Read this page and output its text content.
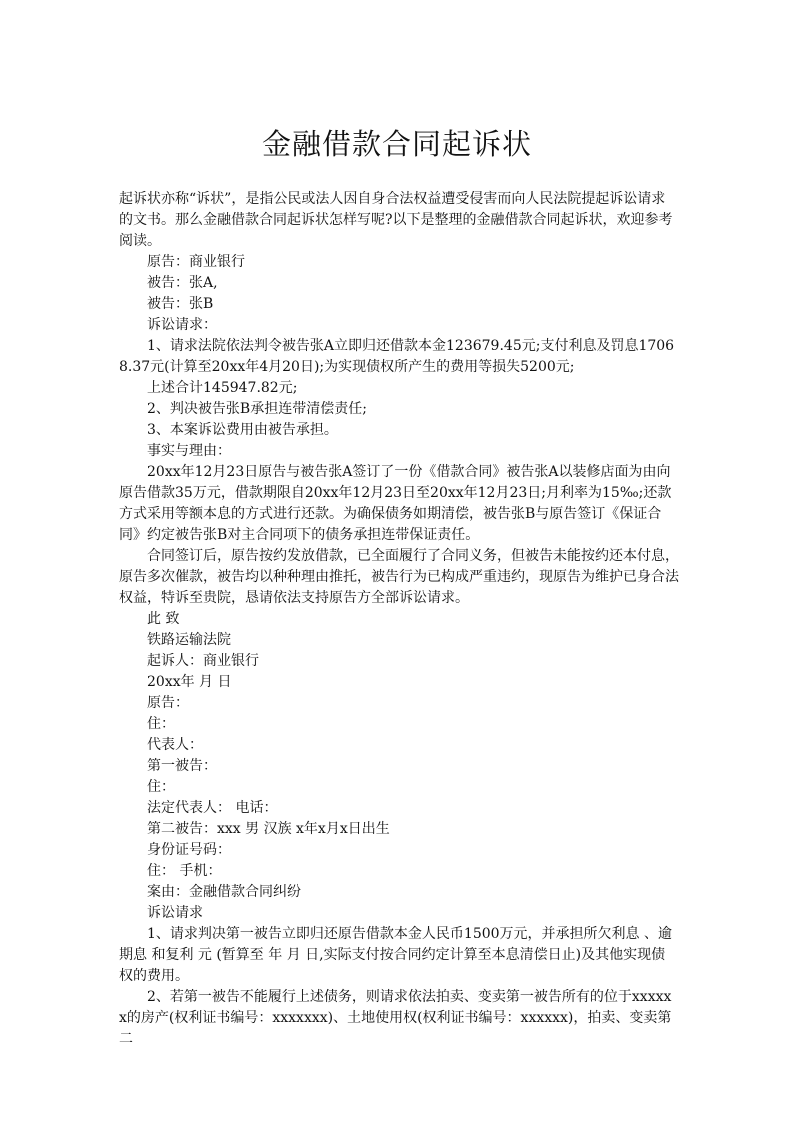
金融借款合同起诉状

起诉状亦称“诉状”，是指公民或法人因自身合法权益遭受侵害而向人民法院提起诉讼请求的文书。那么金融借款合同起诉状怎样写呢?以下是整理的金融借款合同起诉状，欢迎参考阅读。

原告：商业银行

被告：张A,

被告：张B

诉讼请求：

1、请求法院依法判令被告张A立即归还借款本金123679.45元;支付利息及罚息17068.37元(计算至20xx年4月20日);为实现债权所产生的费用等损失5200元;

上述合计145947.82元;

2、判决被告张B承担连带清偿责任;

3、本案诉讼费用由被告承担。

事实与理由：

20xx年12月23日原告与被告张A签订了一份《借款合同》被告张A以装修店面为由向原告借款35万元，借款期限自20xx年12月23日至20xx年12月23日;月利率为15‰;还款方式采用等额本息的方式进行还款。为确保债务如期清偿，被告张B与原告签订《保证合同》约定被告张B对主合同项下的债务承担连带保证责任。

合同签订后，原告按约发放借款，已全面履行了合同义务，但被告未能按约还本付息，原告多次催款，被告均以种种理由推托，被告行为已构成严重违约，现原告为维护已身合法权益，特诉至贵院，恳请依法支持原告方全部诉讼请求。

此 致

铁路运输法院

起诉人：商业银行

20xx年 月 日

原告：

住：

代表人：

第一被告：

住：

法定代表人： 电话：

第二被告：xxx 男 汉族 x年x月x日出生

身份证号码：

住： 手机：

案由：金融借款合同纠纷

诉讼请求

1、请求判决第一被告立即归还原告借款本金人民币1500万元，并承担所欠利息 、逾期息 和复利 元 (暂算至 年 月 日,实际支付按合同约定计算至本息清偿日止)及其他实现债权的费用。

2、若第一被告不能履行上述债务，则请求依法拍卖、变卖第一被告所有的位于xxxxxx的房产(权利证书编号：xxxxxxx)、土地使用权(权利证书编号：xxxxxx)，拍卖、变卖第二
